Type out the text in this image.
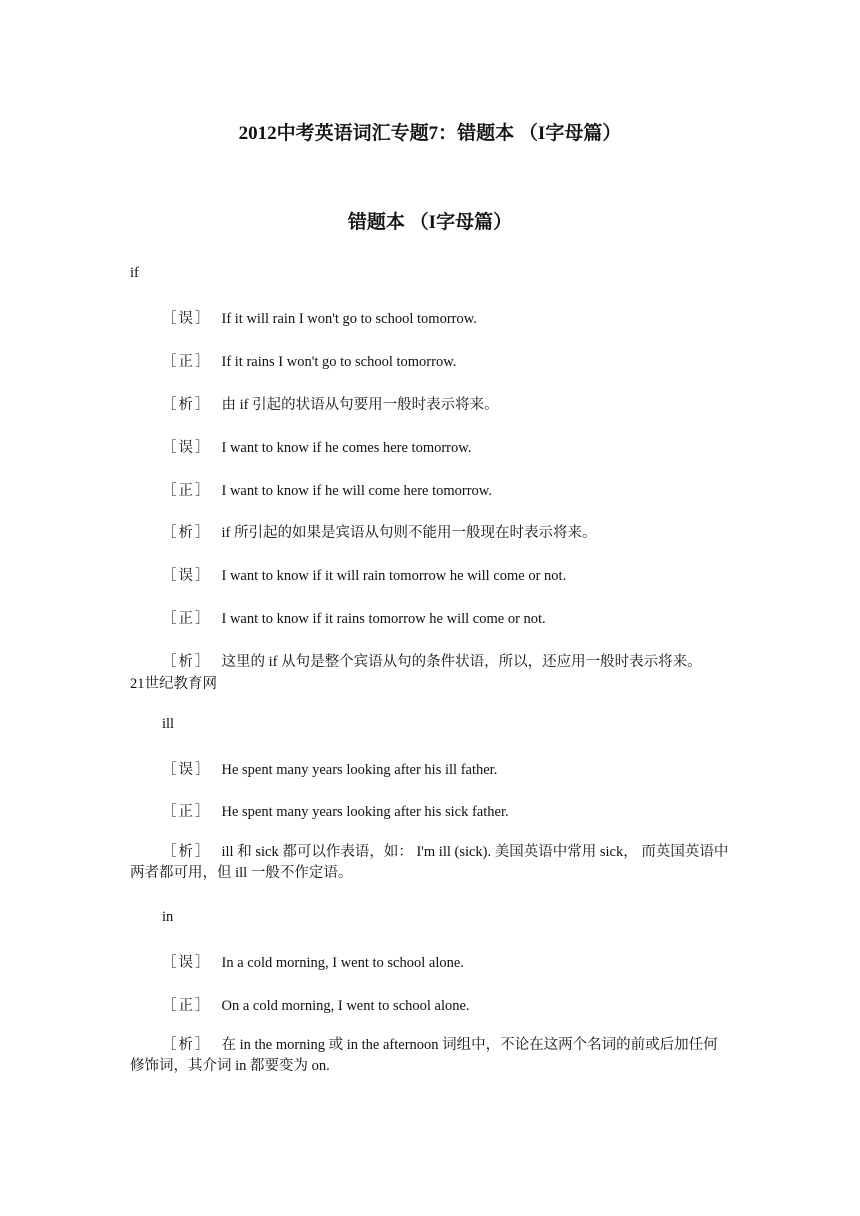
2012中考英语词汇专题7：错题本 （I字母篇）
错题本 （I字母篇）
if
［误］ If it will rain I won't go to school tomorrow.
［正］ If it rains I won't go to school tomorrow.
［析］ 由 if 引起的状语从句要用一般时表示将来。
［误］ I want to know if he comes here tomorrow.
［正］ I want to know if he will come here tomorrow.
［析］ if 所引起的如果是宾语从句则不能用一般现在时表示将来。
［误］ I want to know if it will rain tomorrow he will come or not.
［正］ I want to know if it rains tomorrow he will come or not.
［析］ 这里的 if 从句是整个宾语从句的条件状语，所以，还应用一般时表示将来。
21世纪教育网
ill
［误］ He spent many years looking after his ill father.
［正］ He spent many years looking after his sick father.
［析］ ill 和 sick 都可以作表语，如： I'm ill (sick). 美国英语中常用 sick， 而英国英语中两者都可用，但 ill 一般不作定语。
in
［误］ In a cold morning, I went to school alone.
［正］ On a cold morning, I went to school alone.
［析］ 在 in the morning 或 in the afternoon 词组中，不论在这两个名词的前或后加任何修饰词，其介词 in 都要变为 on.
